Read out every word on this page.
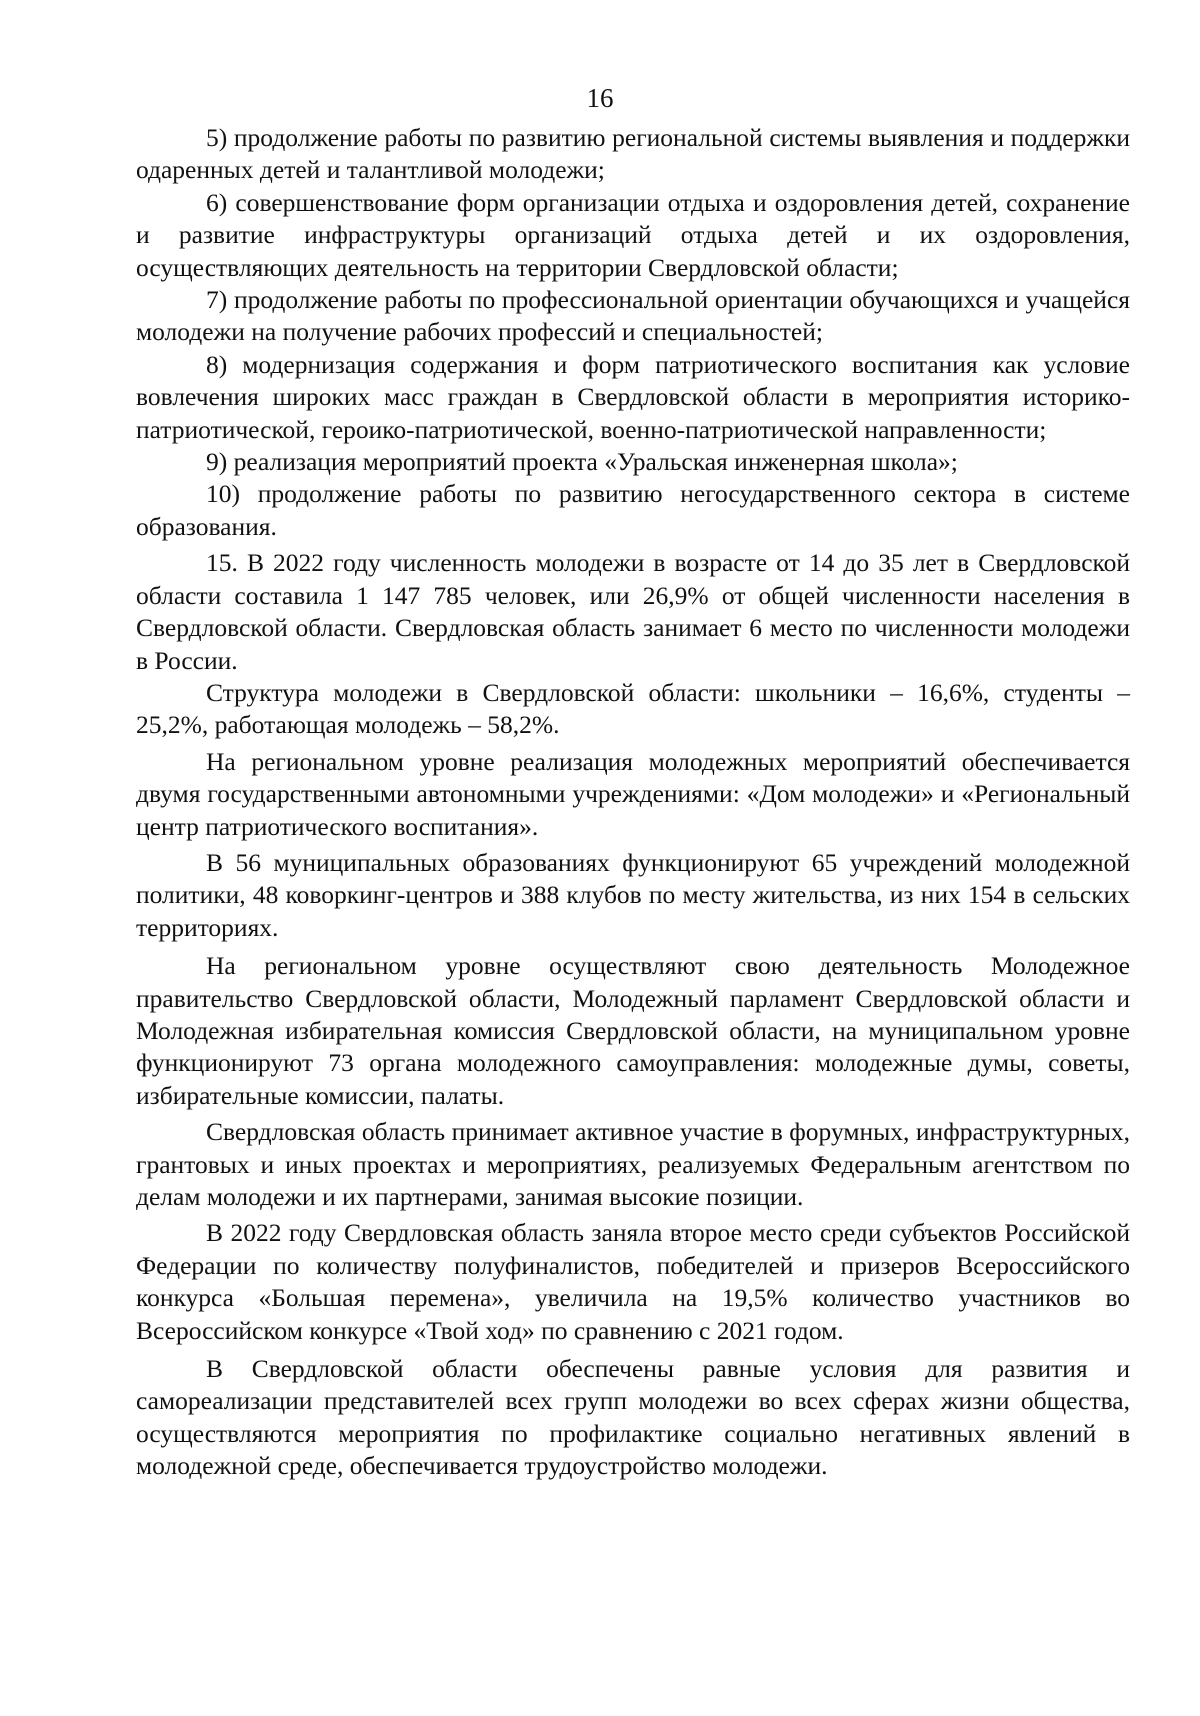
16

5) продолжение работы по развитию региональной системы выявления и поддержки одаренных детей и талантливой молодежи;

6) совершенствование форм организации отдыха и оздоровления детей, сохранение и развитие инфраструктуры организаций отдыха детей и их оздоровления, осуществляющих деятельность на территории Свердловской области;

7) продолжение работы по профессиональной ориентации обучающихся и учащейся молодежи на получение рабочих профессий и специальностей;

8) модернизация содержания и форм патриотического воспитания как условие вовлечения широких масс граждан в Свердловской области в мероприятия историко-патриотической, героико-патриотической, военно-патриотической направленности;

9) реализация мероприятий проекта «Уральская инженерная школа»;

10) продолжение работы по развитию негосударственного сектора в системе образования.

15. В 2022 году численность молодежи в возрасте от 14 до 35 лет в Свердловской области составила 1 147 785 человек, или 26,9% от общей численности населения в Свердловской области. Свердловская область занимает 6 место по численности молодежи в России.

Структура молодежи в Свердловской области: школьники – 16,6%, студенты – 25,2%, работающая молодежь – 58,2%.

На региональном уровне реализация молодежных мероприятий обеспечивается двумя государственными автономными учреждениями: «Дом молодежи» и «Региональный центр патриотического воспитания».

В 56 муниципальных образованиях функционируют 65 учреждений молодежной политики, 48 коворкинг-центров и 388 клубов по месту жительства, из них 154 в сельских территориях.

На региональном уровне осуществляют свою деятельность Молодежное правительство Свердловской области, Молодежный парламент Свердловской области и Молодежная избирательная комиссия Свердловской области, на муниципальном уровне функционируют 73 органа молодежного самоуправления: молодежные думы, советы, избирательные комиссии, палаты.

Свердловская область принимает активное участие в форумных, инфраструктурных, грантовых и иных проектах и мероприятиях, реализуемых Федеральным агентством по делам молодежи и их партнерами, занимая высокие позиции.

В 2022 году Свердловская область заняла второе место среди субъектов Российской Федерации по количеству полуфиналистов, победителей и призеров Всероссийского конкурса «Большая перемена», увеличила на 19,5% количество участников во Всероссийском конкурсе «Твой ход» по сравнению с 2021 годом.

В Свердловской области обеспечены равные условия для развития и самореализации представителей всех групп молодежи во всех сферах жизни общества, осуществляются мероприятия по профилактике социально негативных явлений в молодежной среде, обеспечивается трудоустройство молодежи.
